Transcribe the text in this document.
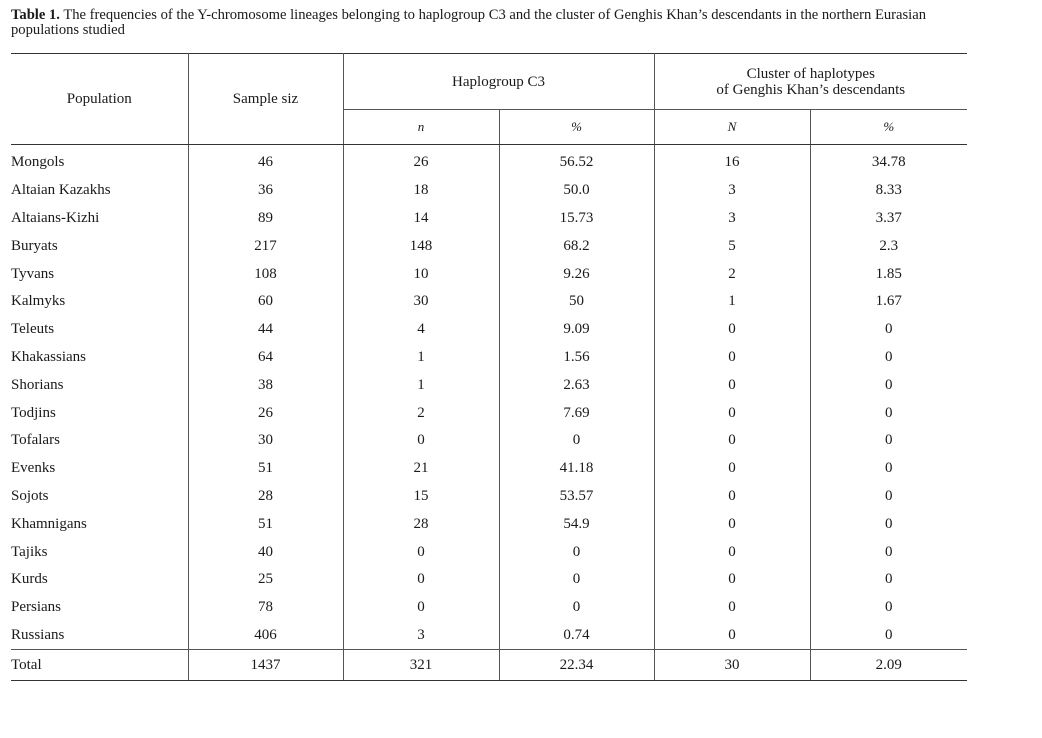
Table 1. The frequencies of the Y-chromosome lineages belonging to haplogroup C3 and the cluster of Genghis Khan’s descendants in the northern Eurasian populations studied
Population	Sample siz	Haplogroup C3		Cluster of haplotypes
of Genghis Khan’s descendants	

		n	%	N	%
Mongols	46	26	56.52	16	34.78
Altaian Kazakhs	36	18	50.0	3	8.33
Altaians-Kizhi	89	14	15.73	3	3.37
Buryats	217	148	68.2	5	2.3
Tyvans	108	10	9.26	2	1.85
Kalmyks	60	30	50	1	1.67
Teleuts	44	4	9.09	0	0
Khakassians	64	1	1.56	0	0
Shorians	38	1	2.63	0	0
Todjins	26	2	7.69	0	0
Tofalars	30	0	0	0	0
Evenks	51	21	41.18	0	0
Sojots	28	15	53.57	0	0
Khamnigans	51	28	54.9	0	0
Tajiks	40	0	0	0	0
Kurds	25	0	0	0	0
Persians	78	0	0	0	0
Russians	406	3	0.74	0	0
Total	1437	321	22.34	30	2.09
